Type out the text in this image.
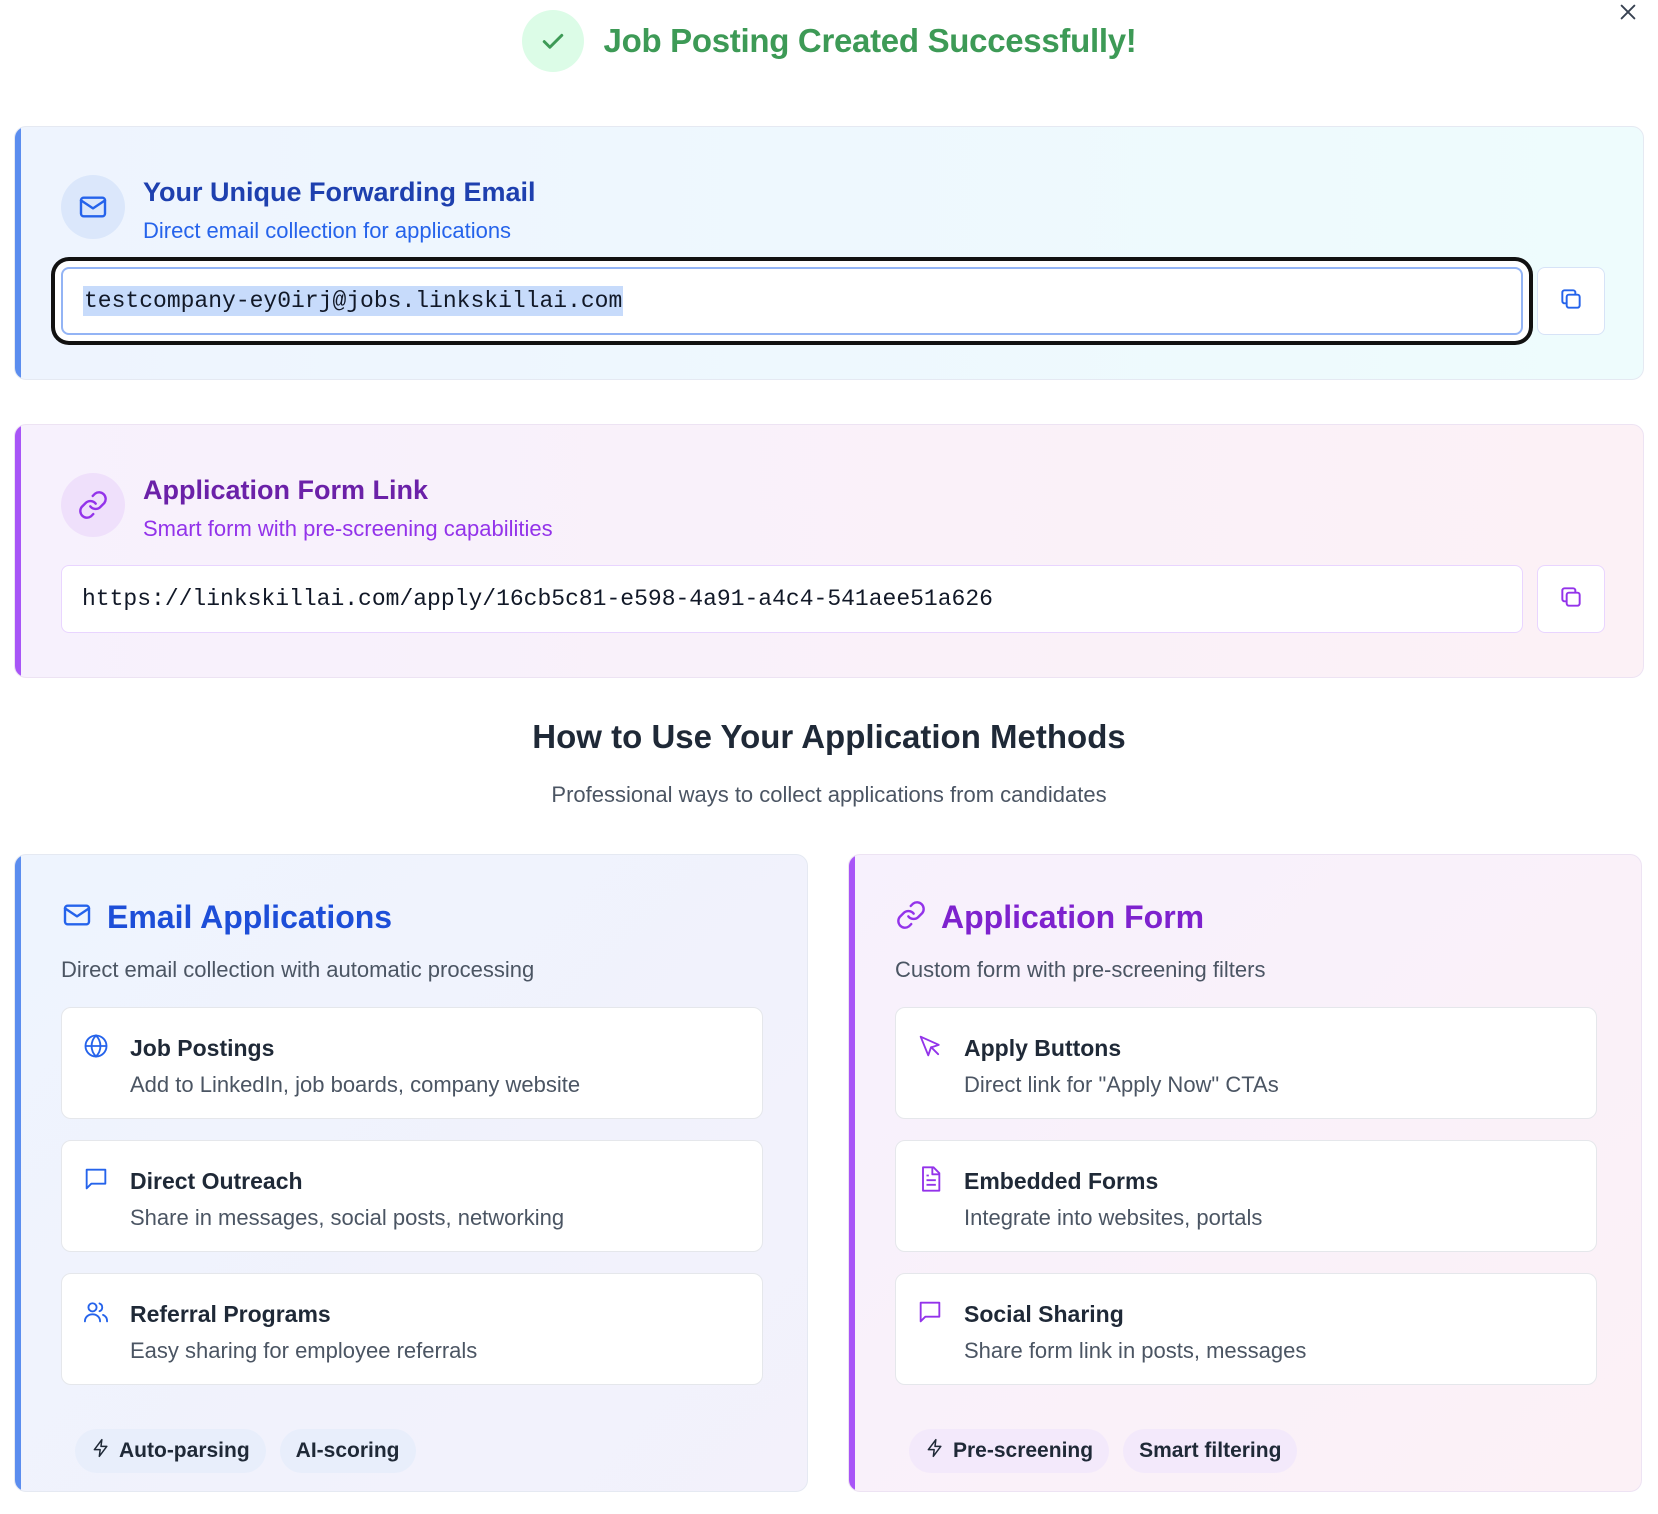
Job Posting Created Successfully!
Your Unique Forwarding Email
Direct email collection for applications
testcompany-ey0irj@jobs.linkskillai.com
Application Form Link
Smart form with pre-screening capabilities
https://linkskillai.com/apply/16cb5c81-e598-4a91-a4c4-541aee51a626
How to Use Your Application Methods
Professional ways to collect applications from candidates
Email Applications
Direct email collection with automatic processing
Job Postings
Add to LinkedIn, job boards, company website
Direct Outreach
Share in messages, social posts, networking
Referral Programs
Easy sharing for employee referrals
Auto-parsing AI-scoring
Application Form
Custom form with pre-screening filters
Apply Buttons
Direct link for "Apply Now" CTAs
Embedded Forms
Integrate into websites, portals
Social Sharing
Share form link in posts, messages
Pre-screening Smart filtering
